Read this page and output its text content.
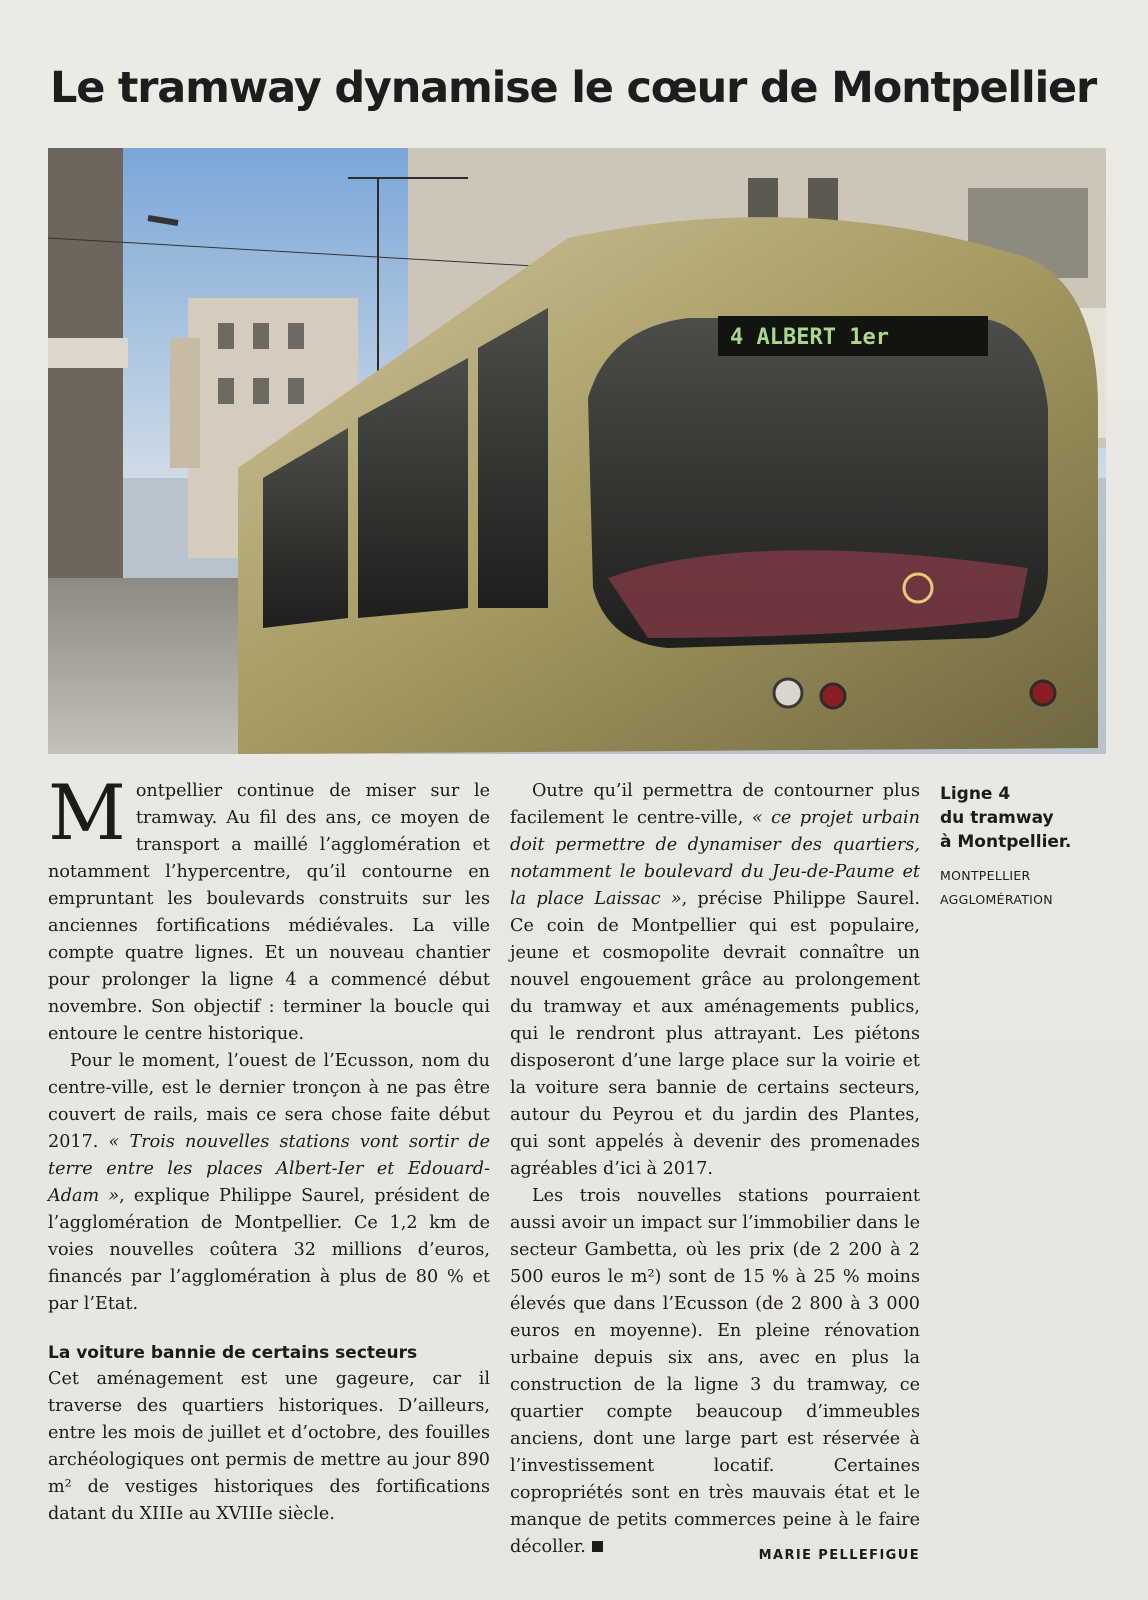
Le tramway dynamise le cœur de Montpellier
4 ALBERT 1er

Montpellier continue de miser sur le tramway. Au fil des ans, ce moyen de transport a maillé l’agglomération et notamment l’hypercentre, qu’il contourne en empruntant les boulevards construits sur les anciennes fortifications médiévales. La ville compte quatre lignes. Et un nouveau chantier pour prolonger la ligne 4 a commencé début novembre. Son objectif : terminer la boucle qui entoure le centre historique.

Pour le moment, l’ouest de l’Ecusson, nom du centre-ville, est le dernier tronçon à ne pas être couvert de rails, mais ce sera chose faite début 2017. « Trois nouvelles stations vont sortir de terre entre les places Albert-Ier et Edouard-Adam », explique Philippe Saurel, président de l’agglomération de Montpellier. Ce 1,2 km de voies nouvelles coûtera 32 millions d’euros, financés par l’agglomération à plus de 80 % et par l’Etat.

La voiture bannie de certains secteurs

Cet aménagement est une gageure, car il traverse des quartiers historiques. D’ailleurs, entre les mois de juillet et d’octobre, des fouilles archéologiques ont permis de mettre au jour 890 m² de vestiges historiques des fortifications datant du XIIIe au XVIIIe siècle.

Outre qu’il permettra de contourner plus facilement le centre-ville, « ce projet urbain doit permettre de dynamiser des quartiers, notamment le boulevard du Jeu-de-Paume et la place Laissac », précise Philippe Saurel. Ce coin de Montpellier qui est populaire, jeune et cosmopolite devrait connaître un nouvel engouement grâce au prolongement du tramway et aux aménagements publics, qui le rendront plus attrayant. Les piétons disposeront d’une large place sur la voirie et la voiture sera bannie de certains secteurs, autour du Peyrou et du jardin des Plantes, qui sont appelés à devenir des promenades agréables d’ici à 2017.

Les trois nouvelles stations pourraient aussi avoir un impact sur l’immobilier dans le secteur Gambetta, où les prix (de 2 200 à 2 500 euros le m²) sont de 15 % à 25 % moins élevés que dans l’Ecusson (de 2 800 à 3 000 euros en moyenne). En pleine rénovation urbaine depuis six ans, avec en plus la construction de la ligne 3 du tramway, ce quartier compte beaucoup d’immeubles anciens, dont une large part est réservée à l’investissement locatif. Certaines copropriétés sont en très mauvais état et le manque de petits commerces peine à le faire décoller.	MARIE PELLEFIGUE
Ligne 4
du tramway
à Montpellier.
MONTPELLIER
AGGLOMÉRATION
